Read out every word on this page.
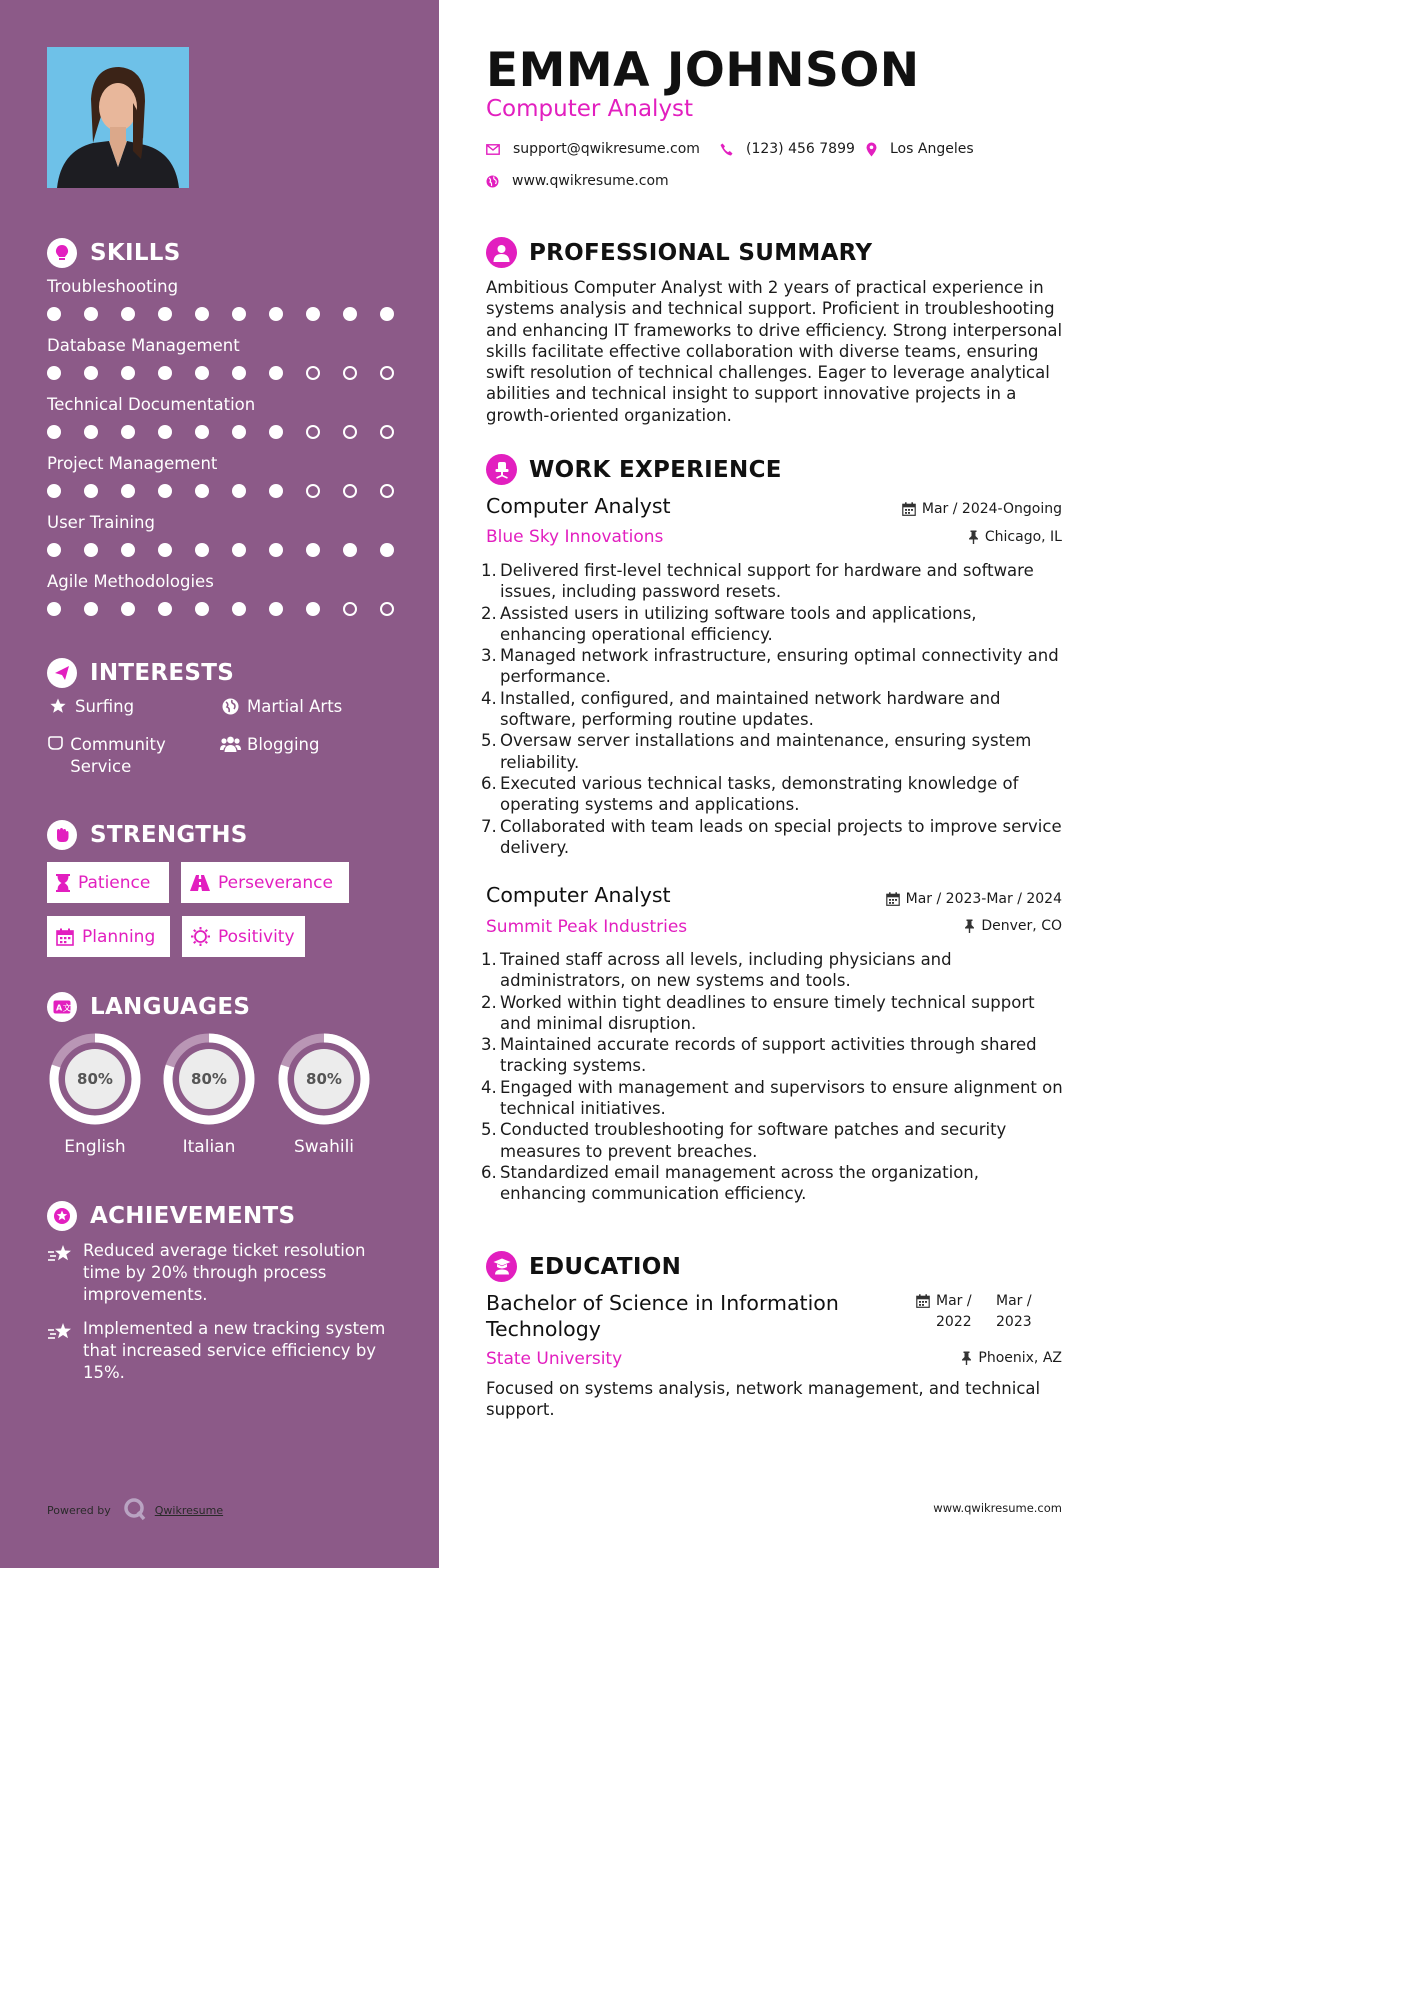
SKILLS
Troubleshooting
Database Management
Technical Documentation
Project Management
User Training
Agile Methodologies
INTERESTS
Surfing	Martial Arts
Community Service
Blogging
STRENGTHS
Patience	Perseverance
Planning	Positivity
A 文 LANGUAGES
80%
English
80%
Italian
80%
Swahili
ACHIEVEMENTS
Reduced average ticket resolution time by 20% through process improvements.
Implemented a new tracking system that increased service efficiency by 15%.
Powered by	Qwikresume
EMMA JOHNSON
Computer Analyst
support@qwikresume.com	(123) 456 7899	Los Angeles
www.qwikresume.com
PROFESSIONAL SUMMARY
Ambitious Computer Analyst with 2 years of practical experience in systems analysis and technical support. Proficient in troubleshooting and enhancing IT frameworks to drive efficiency. Strong interpersonal skills facilitate effective collaboration with diverse teams, ensuring swift resolution of technical challenges. Eager to leverage analytical abilities and technical insight to support innovative projects in a growth-oriented organization.
WORK EXPERIENCE
Computer Analyst
Blue Sky Innovations
Mar / 2024-Ongoing
Chicago, IL
1. Delivered first-level technical support for hardware and software issues, including password resets.
2. Assisted users in utilizing software tools and applications, enhancing operational efficiency.
3. Managed network infrastructure, ensuring optimal connectivity and performance.
4. Installed, configured, and maintained network hardware and software, performing routine updates.
5. Oversaw server installations and maintenance, ensuring system reliability.
6. Executed various technical tasks, demonstrating knowledge of operating systems and applications.
7. Collaborated with team leads on special projects to improve service delivery.
Computer Analyst
Summit Peak Industries
Mar / 2023-Mar / 2024
Denver, CO
1. Trained staff across all levels, including physicians and administrators, on new systems and tools.
2. Worked within tight deadlines to ensure timely technical support and minimal disruption.
3. Maintained accurate records of support activities through shared tracking systems.
4. Engaged with management and supervisors to ensure alignment on technical initiatives.
5. Conducted troubleshooting for software patches and security measures to prevent breaches.
6. Standardized email management across the organization, enhancing communication efficiency.
EDUCATION
Bachelor of Science in Information Technology
Mar /
2022
Mar /
2023
State University	Phoenix, AZ
Focused on systems analysis, network management, and technical support.
www.qwikresume.com
